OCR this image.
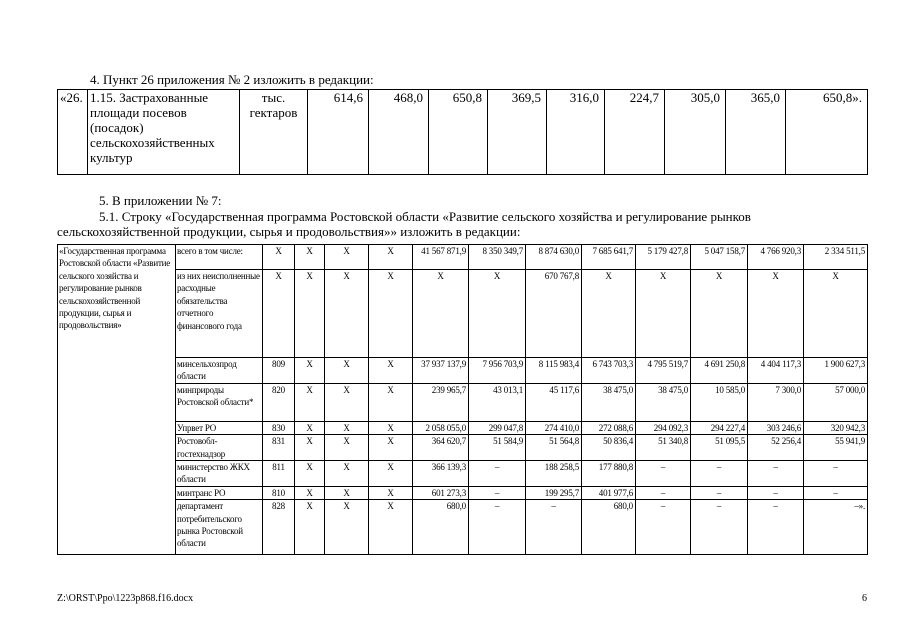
4. Пункт 26 приложения № 2 изложить в редакции:
«26.	1.15. Застрахованные площади посевов (посадок) сельскохозяйственных культур	тыс. гектаров	614,6	468,0	650,8	369,5	316,0	224,7	305,0	365,0	650,8».
5. В приложении № 7:
5.1. Строку «Государственная программа Ростовской области «Развитие сельского хозяйства и регулирование рынков
сельскохозяйственной продукции, сырья и продовольствия»» изложить в редакции:
«Государственная программа Ростовской области «Развитие сельского хозяйства и регулирование рынков сельскохозяйственной продукции, сырья и продовольствия»	всего в том числе:	X	X	X	X	41 567 871,9	8 350 349,7	8 874 630,0	7 685 641,7	5 179 427,8	5 047 158,7	4 766 920,3	2 334 511,5
	из них неисполненные расходные обязательства отчетного финансового года	X	X	X	X	X	X	670 767,8	X	X	X	X	X
	минсельхозпрод области	809	X	X	X	37 937 137,9	7 956 703,9	8 115 983,4	6 743 703,3	4 795 519,7	4 691 250,8	4 404 117,3	1 900 627,3
	минприроды Ростовской области*	820	X	X	X	239 965,7	43 013,1	45 117,6	38 475,0	38 475,0	10 585,0	7 300,0	57 000,0
	Упрвет РО	830	X	X	X	2 058 055,0	299 047,8	274 410,0	272 088,6	294 092,3	294 227,4	303 246,6	320 942,3
	Ростовобл-гостехнадзор	831	X	X	X	364 620,7	51 584,9	51 564,8	50 836,4	51 340,8	51 095,5	52 256,4	55 941,9
	министерство ЖКХ области	811	X	X	X	366 139,3	–	188 258,5	177 880,8	–	–	–	–
	минтранс РО	810	X	X	X	601 273,3	–	199 295,7	401 977,6	–	–	–	–
	департамент потребительского рынка Ростовской области	828	X	X	X	680,0	–	–	680,0	–	–	–	–».
Z:\ORST\Ppo\1223p868.f16.docx	6
